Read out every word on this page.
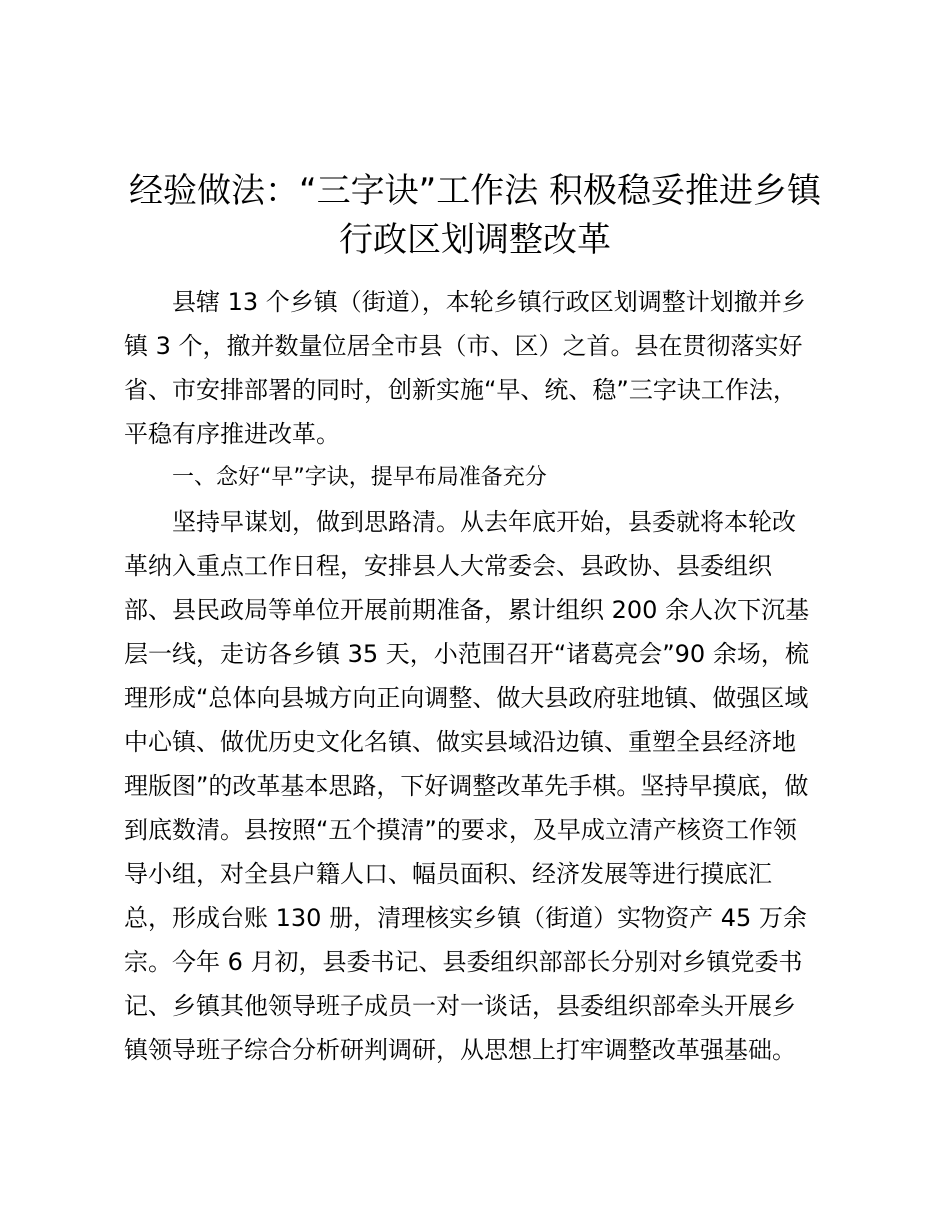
经验做法：“三字诀”工作法 积极稳妥推进乡镇
行政区划调整改革

县辖 13 个乡镇（街道），本轮乡镇行政区划调整计划撤并乡

镇 3 个，撤并数量位居全市县（市、区）之首。县在贯彻落实好

省、市安排部署的同时，创新实施“早、统、稳”三字诀工作法，

平稳有序推进改革。

一、念好“早”字诀，提早布局准备充分

坚持早谋划，做到思路清。从去年底开始，县委就将本轮改

革纳入重点工作日程，安排县人大常委会、县政协、县委组织

部、县民政局等单位开展前期准备，累计组织 200 余人次下沉基

层一线，走访各乡镇 35 天，小范围召开“诸葛亮会”90 余场，梳

理形成“总体向县城方向正向调整、做大县政府驻地镇、做强区域

中心镇、做优历史文化名镇、做实县域沿边镇、重塑全县经济地

理版图”的改革基本思路，下好调整改革先手棋。坚持早摸底，做

到底数清。县按照“五个摸清”的要求，及早成立清产核资工作领

导小组，对全县户籍人口、幅员面积、经济发展等进行摸底汇

总，形成台账 130 册，清理核实乡镇（街道）实物资产 45 万余

宗。今年 6 月初，县委书记、县委组织部部长分别对乡镇党委书

记、乡镇其他领导班子成员一对一谈话，县委组织部牵头开展乡

镇领导班子综合分析研判调研，从思想上打牢调整改革强基础。
